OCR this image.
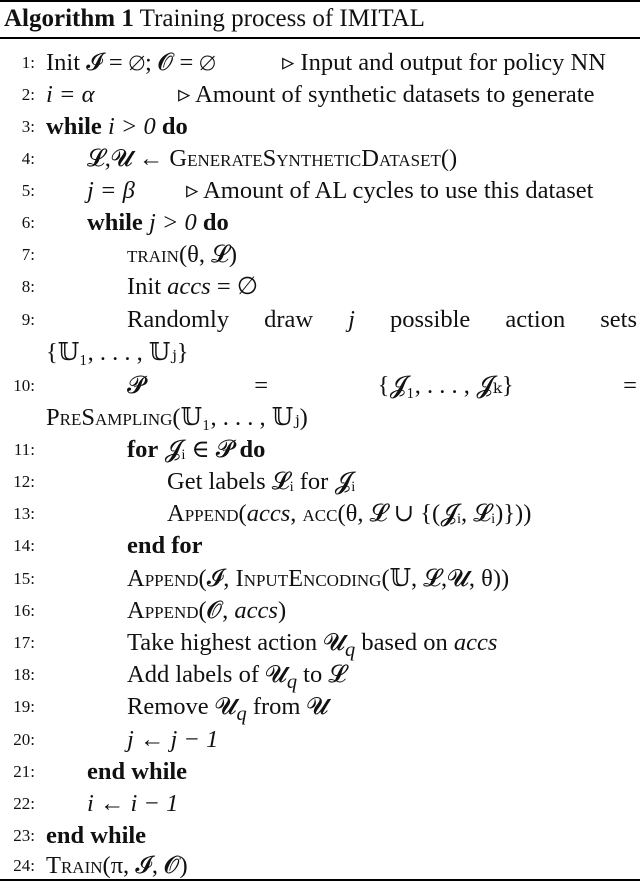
Algorithm 1 Training process of IMITAL
1: Init 𝓘 = ∅; 𝓞 = ∅	▹ Input and output for policy NN
2: i = α	▹ Amount of synthetic datasets to generate
3: while i > 0 do
4: 𝓛,𝓤 ← GenerateSyntheticDataset()
5: j = β ▹ Amount of AL cycles to use this dataset
6: while j > 0 do
7:	train(θ, 𝓛)
8:	Init accs = ∅
9:	Randomly draw j possible action sets
{𝕌₁, . . . , 𝕌ⱼ}
10:	𝓟	=	{𝓙₁, . . . , 𝓙ₖ}	=
PreSampling(𝕌₁, . . . , 𝕌ⱼ)
11:	for 𝓙ᵢ ∈ 𝓟 do
12:	Get labels 𝓛ᵢ for 𝓙ᵢ
13:	Append(accs, acc(θ, 𝓛 ∪ {(𝓙ᵢ, 𝓛ᵢ)}))
14:	end for
15:	Append(𝓘, InputEncoding(𝕌, 𝓛,𝓤, θ))
16:	Append(𝓞, accs)
17:	Take highest action 𝓤$_q$ based on accs
18:	Add labels of 𝓤$_q$ to 𝓛
19:	Remove 𝓤$_q$ from 𝓤
20:	j ← j − 1
21: end while
22: i ← i − 1
23: end while
24: Train(π, 𝓘, 𝓞)
